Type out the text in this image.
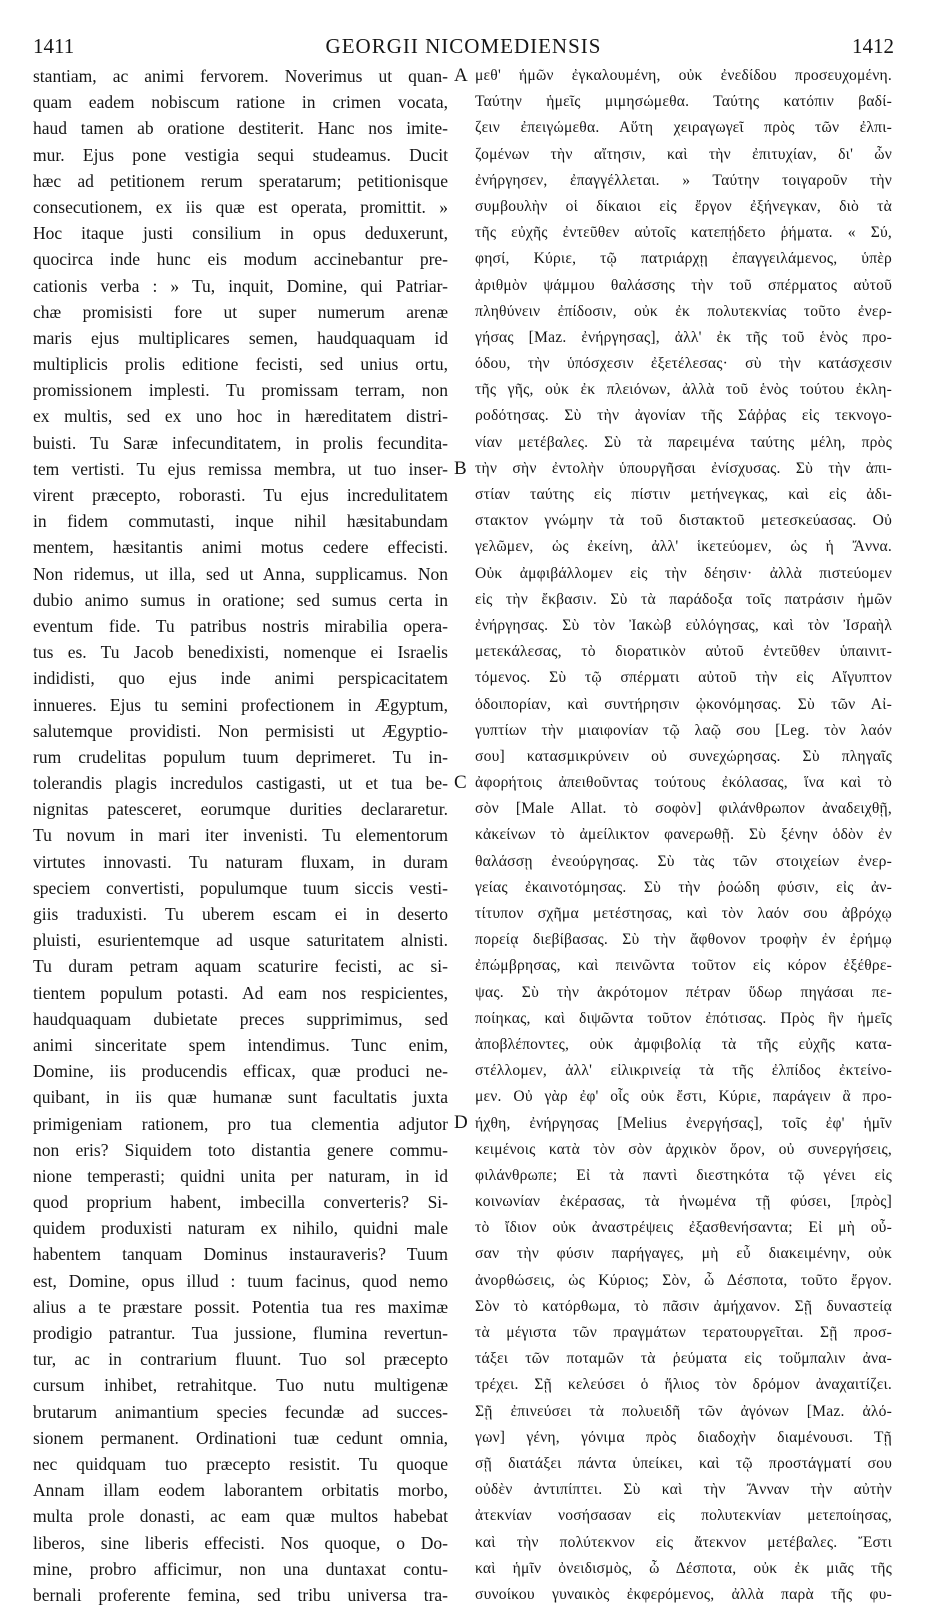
1411	GEORGII NICOMEDIENSIS	1412
stantiam, ac animi fervorem. Noverimus ut quan-
quam eadem nobiscum ratione in crimen vocata,
haud tamen ab oratione destiterit. Hanc nos imite-
mur. Ejus pone vestigia sequi studeamus. Ducit
hæc ad petitionem rerum speratarum; petitionisque
consecutionem, ex iis quæ est operata, promittit. »
Hoc itaque justi consilium in opus deduxerunt,
quocirca inde hunc eis modum accinebantur pre-
cationis verba : » Tu, inquit, Domine, qui Patriar-
chæ promisisti fore ut super numerum arenæ
maris ejus multiplicares semen, haudquaquam id
multiplicis prolis editione fecisti, sed unius ortu,
promissionem implesti. Tu promissam terram, non
ex multis, sed ex uno hoc in hæreditatem distri-
buisti. Tu Saræ infecunditatem, in prolis fecundita-
tem vertisti. Tu ejus remissa membra, ut tuo inser-
virent præcepto, roborasti. Tu ejus incredulitatem
in fidem commutasti, inque nihil hæsitabundam
mentem, hæsitantis animi motus cedere effecisti.
Non ridemus, ut illa, sed ut Anna, supplicamus. Non
dubio animo sumus in oratione; sed sumus certa in
eventum fide. Tu patribus nostris mirabilia opera-
tus es. Tu Jacob benedixisti, nomenque ei Israelis
indidisti, quo ejus inde animi perspicacitatem
innueres. Ejus tu semini profectionem in Ægyptum,
salutemque providisti. Non permisisti ut Ægyptio-
rum crudelitas populum tuum deprimeret. Tu in-
tolerandis plagis incredulos castigasti, ut et tua be-
nignitas patesceret, eorumque durities declararetur.
Tu novum in mari iter invenisti. Tu elementorum
virtutes innovasti. Tu naturam fluxam, in duram
speciem convertisti, populumque tuum siccis vesti-
giis traduxisti. Tu uberem escam ei in deserto
pluisti, esurientemque ad usque saturitatem alnisti.
Tu duram petram aquam scaturire fecisti, ac si-
tientem populum potasti. Ad eam nos respicientes,
haudquaquam dubietate preces supprimimus, sed
animi sinceritate spem intendimus. Tunc enim,
Domine, iis producendis efficax, quæ produci ne-
quibant, in iis quæ humanæ sunt facultatis juxta
primigeniam rationem, pro tua clementia adjutor
non eris? Siquidem toto distantia genere commu-
nione temperasti; quidni unita per naturam, in id
quod proprium habent, imbecilla converteris? Si-
quidem produxisti naturam ex nihilo, quidni male
habentem tanquam Dominus instauraveris? Tuum
est, Domine, opus illud : tuum facinus, quod nemo
alius a te præstare possit. Potentia tua res maximæ
prodigio patrantur. Tua jussione, flumina revertun-
tur, ac in contrarium fluunt. Tuo sol præcepto
cursum inhibet, retrahitque. Tuo nutu multigenæ
brutarum animantium species fecundæ ad succes-
sionem permanent. Ordinationi tuæ cedunt omnia,
nec quidquam tuo præcepto resistit. Tu quoque
Annam illam eodem laborantem orbitatis morbo,
multa prole donasti, ac eam quæ multos habebat
liberos, sine liberis effecisti. Nos quoque, o Do-
mine, probro afficimur, non una duntaxat contu-
bernali proferente femina, sed tribu universa tra-
A
B
C
D
μεθ' ἡμῶν ἐγκαλουμένη, οὐκ ἐνεδίδου προσευχομένη.
Ταύτην ἡμεῖς μιμησώμεθα. Ταύτης κατόπιν βαδί-
ζειν ἐπειγώμεθα. Αὕτη χειραγωγεῖ πρὸς τῶν ἐλπι-
ζομένων τὴν αἴτησιν, καὶ τὴν ἐπιτυχίαν, δι' ὧν
ἐνήργησεν, ἐπαγγέλλεται. » Ταύτην τοιγαροῦν τὴν
συμβουλὴν οἱ δίκαιοι εἰς ἔργον ἐξήνεγκαν, διὸ τὰ
τῆς εὐχῆς ἐντεῦθεν αὐτοῖς κατεπῄδετο ῥήματα. « Σύ,
φησί, Κύριε, τῷ πατριάρχῃ ἐπαγγειλάμενος, ὑπὲρ
ἀριθμὸν ψάμμου θαλάσσης τὴν τοῦ σπέρματος αὐτοῦ
πληθύνειν ἐπίδοσιν, οὐκ ἐκ πολυτεκνίας τοῦτο ἐνερ-
γήσας [Maz. ἐνήργησας], ἀλλ' ἐκ τῆς τοῦ ἑνὸς προ-
όδου, τὴν ὑπόσχεσιν ἐξετέλεσας· σὺ τὴν κατάσχεσιν
τῆς γῆς, οὐκ ἐκ πλειόνων, ἀλλὰ τοῦ ἑνὸς τούτου ἐκλη-
ροδότησας. Σὺ τὴν ἀγονίαν τῆς Σάῤῥας εἰς τεκνογο-
νίαν μετέβαλες. Σὺ τὰ παρειμένα ταύτης μέλη, πρὸς
τὴν σὴν ἐντολὴν ὑπουργῆσαι ἐνίσχυσας. Σὺ τὴν ἀπι-
στίαν ταύτης εἰς πίστιν μετήνεγκας, καὶ εἰς ἀδι-
στακτον γνώμην τὰ τοῦ διστακτοῦ μετεσκεύασας. Οὐ
γελῶμεν, ὡς ἐκείνη, ἀλλ' ἱκετεύομεν, ὡς ἡ Ἄννα.
Οὐκ ἀμφιβάλλομεν εἰς τὴν δέησιν· ἀλλὰ πιστεύομεν
εἰς τὴν ἔκβασιν. Σὺ τὰ παράδοξα τοῖς πατράσιν ἡμῶν
ἐνήργησας. Σὺ τὸν Ἰακὼβ εὐλόγησας, καὶ τὸν Ἰσραὴλ
μετεκάλεσας, τὸ διορατικὸν αὐτοῦ ἐντεῦθεν ὑπαινιτ-
τόμενος. Σὺ τῷ σπέρματι αὐτοῦ τὴν εἰς Αἴγυπτον
ὁδοιπορίαν, καὶ συντήρησιν ᾠκονόμησας. Σὺ τῶν Αἰ-
γυπτίων τὴν μιαιφονίαν τῷ λαῷ σου [Leg. τὸν λαόν
σου] κατασμικρύνειν οὐ συνεχώρησας. Σὺ πληγαῖς
ἀφορήτοις ἀπειθοῦντας τούτους ἐκόλασας, ἵνα καὶ τὸ
σὸν [Male Allat. τὸ σοφὸν] φιλάνθρωπον ἀναδειχθῇ,
κἀκείνων τὸ ἀμείλικτον φανερωθῇ. Σὺ ξένην ὁδὸν ἐν
θαλάσσῃ ἐνεούργησας. Σὺ τὰς τῶν στοιχείων ἐνερ-
γείας ἐκαινοτόμησας. Σὺ τὴν ῥοώδη φύσιν, εἰς ἀν-
τίτυπον σχῆμα μετέστησας, καὶ τὸν λαόν σου ἀβρόχῳ
πορείᾳ διεβίβασας. Σὺ τὴν ἄφθονον τροφὴν ἐν ἐρήμῳ
ἐπώμβρησας, καὶ πεινῶντα τοῦτον εἰς κόρον ἐξέθρε-
ψας. Σὺ τὴν ἀκρότομον πέτραν ὕδωρ πηγάσαι πε-
ποίηκας, καὶ διψῶντα τοῦτον ἐπότισας. Πρὸς ἣν ἡμεῖς
ἀποβλέποντες, οὐκ ἀμφιβολίᾳ τὰ τῆς εὐχῆς κατα-
στέλλομεν, ἀλλ' εἰλικρινείᾳ τὰ τῆς ἐλπίδος ἐκτείνο-
μεν. Οὐ γὰρ ἐφ' οἷς οὐκ ἔστι, Κύριε, παράγειν ἃ προ-
ήχθη, ἐνήργησας [Melius ἐνεργήσας], τοῖς ἐφ' ἡμῖν
κειμένοις κατὰ τὸν σὸν ἀρχικὸν ὅρον, οὐ συνεργήσεις,
φιλάνθρωπε; Εἰ τὰ παντὶ διεστηκότα τῷ γένει εἰς
κοινωνίαν ἐκέρασας, τὰ ἡνωμένα τῇ φύσει, [πρὸς]
τὸ ἴδιον οὐκ ἀναστρέψεις ἐξασθενήσαντα; Εἰ μὴ οὖ-
σαν τὴν φύσιν παρήγαγες, μὴ εὖ διακειμένην, οὐκ
ἀνορθώσεις, ὡς Κύριος; Σὸν, ὦ Δέσποτα, τοῦτο ἔργον.
Σὸν τὸ κατόρθωμα, τὸ πᾶσιν ἀμήχανον. Σῇ δυναστείᾳ
τὰ μέγιστα τῶν πραγμάτων τερατουργεῖται. Σῇ προσ-
τάξει τῶν ποταμῶν τὰ ῥεύματα εἰς τοὔμπαλιν ἀνα-
τρέχει. Σῇ κελεύσει ὁ ἥλιος τὸν δρόμον ἀναχαιτίζει.
Σῇ ἐπινεύσει τὰ πολυειδῆ τῶν ἀγόνων [Maz. ἀλό-
γων] γένη, γόνιμα πρὸς διαδοχὴν διαμένουσι. Τῇ
σῇ διατάξει πάντα ὑπείκει, καὶ τῷ προστάγματί σου
οὐδὲν ἀντιπίπτει. Σὺ καὶ τὴν Ἄνναν τὴν αὐτὴν
ἀτεκνίαν νοσήσασαν εἰς πολυτεκνίαν μετεποίησας,
καὶ τὴν πολύτεκνον εἰς ἄτεκνον μετέβαλες. Ἔστι
καὶ ἡμῖν ὀνειδισμὸς, ὦ Δέσποτα, οὐκ ἐκ μιᾶς τῆς
συνοίκου γυναικὸς ἐκφερόμενος, ἀλλὰ παρὰ τῆς φυ-
